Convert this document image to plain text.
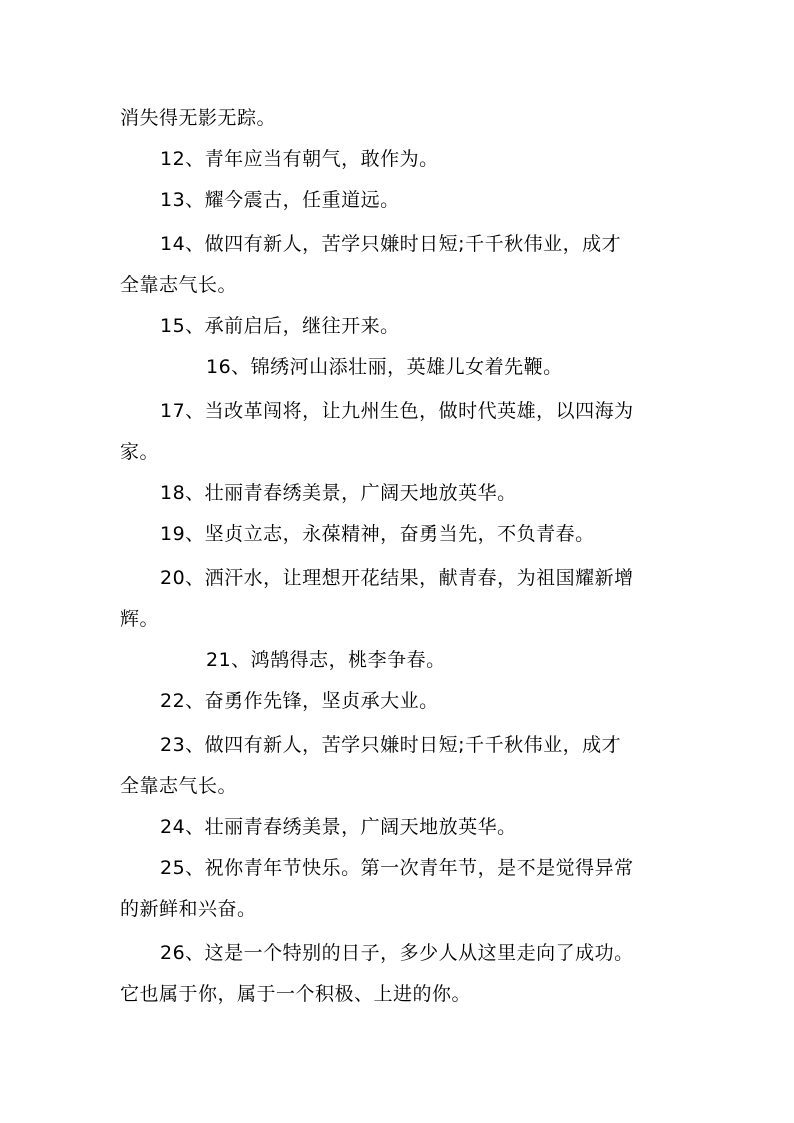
消失得无影无踪。
12、青年应当有朝气，敢作为。
13、耀今震古，任重道远。
14、做四有新人，苦学只嫌时日短;千千秋伟业，成才
全靠志气长。
15、承前启后，继往开来。
16、锦绣河山添壮丽，英雄儿女着先鞭。
17、当改革闯将，让九州生色，做时代英雄，以四海为
家。
18、壮丽青春绣美景，广阔天地放英华。
19、坚贞立志，永葆精神，奋勇当先，不负青春。
20、洒汗水，让理想开花结果，献青春，为祖国耀新增
辉。
21、鸿鹄得志，桃李争春。
22、奋勇作先锋，坚贞承大业。
23、做四有新人，苦学只嫌时日短;千千秋伟业，成才
全靠志气长。
24、壮丽青春绣美景，广阔天地放英华。
25、祝你青年节快乐。第一次青年节，是不是觉得异常
的新鲜和兴奋。
26、这是一个特别的日子，多少人从这里走向了成功。
它也属于你，属于一个积极、上进的你。
